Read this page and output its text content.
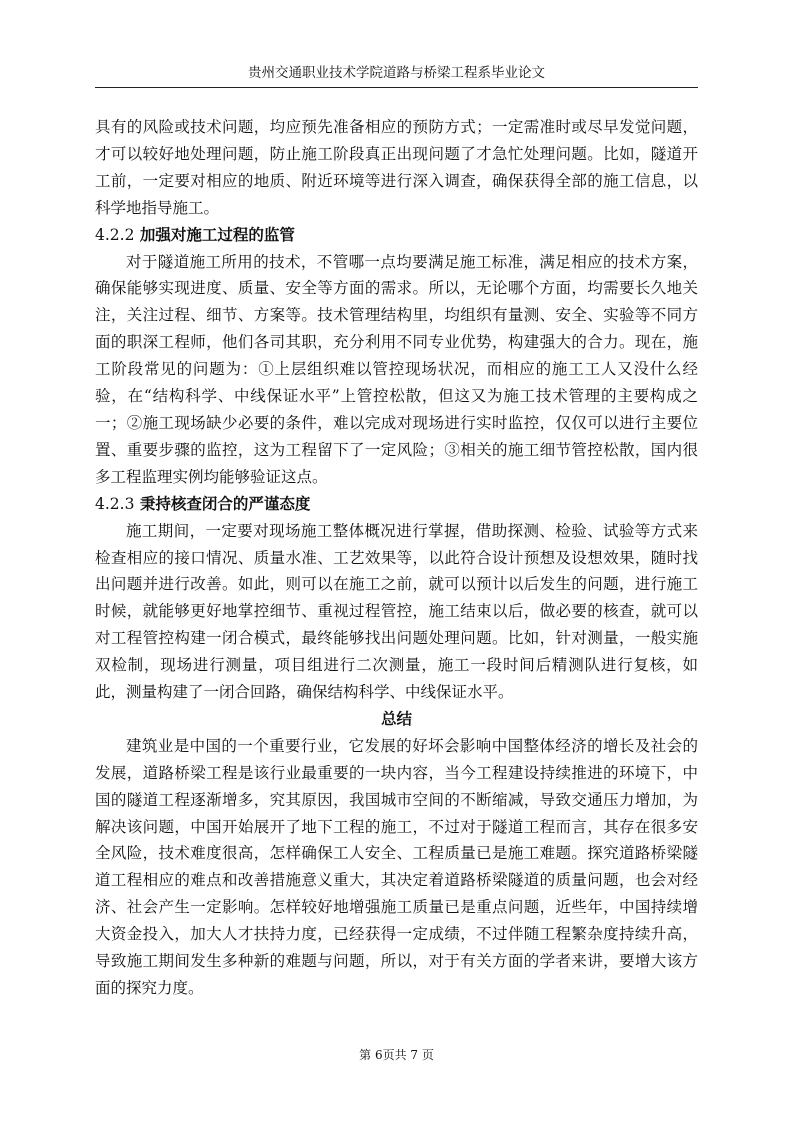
贵州交通职业技术学院道路与桥梁工程系毕业论文

具有的风险或技术问题，均应预先准备相应的预防方式；一定需准时或尽早发觉问题，才可以较好地处理问题，防止施工阶段真正出现问题了才急忙处理问题。比如，隧道开工前，一定要对相应的地质、附近环境等进行深入调查，确保获得全部的施工信息，以科学地指导施工。

4.2.2 加强对施工过程的监管

对于隧道施工所用的技术，不管哪一点均要满足施工标准，满足相应的技术方案，确保能够实现进度、质量、安全等方面的需求。所以，无论哪个方面，均需要长久地关注，关注过程、细节、方案等。技术管理结构里，均组织有量测、安全、实验等不同方面的职深工程师，他们各司其职，充分利用不同专业优势，构建强大的合力。现在，施工阶段常见的问题为：①上层组织难以管控现场状况，而相应的施工工人又没什么经验，在“结构科学、中线保证水平”上管控松散，但这又为施工技术管理的主要构成之一；②施工现场缺少必要的条件，难以完成对现场进行实时监控，仅仅可以进行主要位置、重要步骤的监控，这为工程留下了一定风险；③相关的施工细节管控松散，国内很多工程监理实例均能够验证这点。

4.2.3 秉持核查闭合的严谨态度

施工期间，一定要对现场施工整体概况进行掌握，借助探测、检验、试验等方式来检查相应的接口情况、质量水准、工艺效果等，以此符合设计预想及设想效果，随时找出问题并进行改善。如此，则可以在施工之前，就可以预计以后发生的问题，进行施工时候，就能够更好地掌控细节、重视过程管控，施工结束以后，做必要的核查，就可以对工程管控构建一闭合模式，最终能够找出问题处理问题。比如，针对测量，一般实施双检制，现场进行测量，项目组进行二次测量，施工一段时间后精测队进行复核，如此，测量构建了一闭合回路，确保结构科学、中线保证水平。

总结

建筑业是中国的一个重要行业，它发展的好坏会影响中国整体经济的增长及社会的发展，道路桥梁工程是该行业最重要的一块内容，当今工程建设持续推进的环境下，中国的隧道工程逐渐增多，究其原因，我国城市空间的不断缩减，导致交通压力增加，为解决该问题，中国开始展开了地下工程的施工，不过对于隧道工程而言，其存在很多安全风险，技术难度很高，怎样确保工人安全、工程质量已是施工难题。探究道路桥梁隧道工程相应的难点和改善措施意义重大，其决定着道路桥梁隧道的质量问题，也会对经济、社会产生一定影响。怎样较好地增强施工质量已是重点问题，近些年，中国持续增大资金投入，加大人才扶持力度，已经获得一定成绩，不过伴随工程繁杂度持续升高，导致施工期间发生多种新的难题与问题，所以，对于有关方面的学者来讲，要增大该方面的探究力度。

第 6页共 7 页
